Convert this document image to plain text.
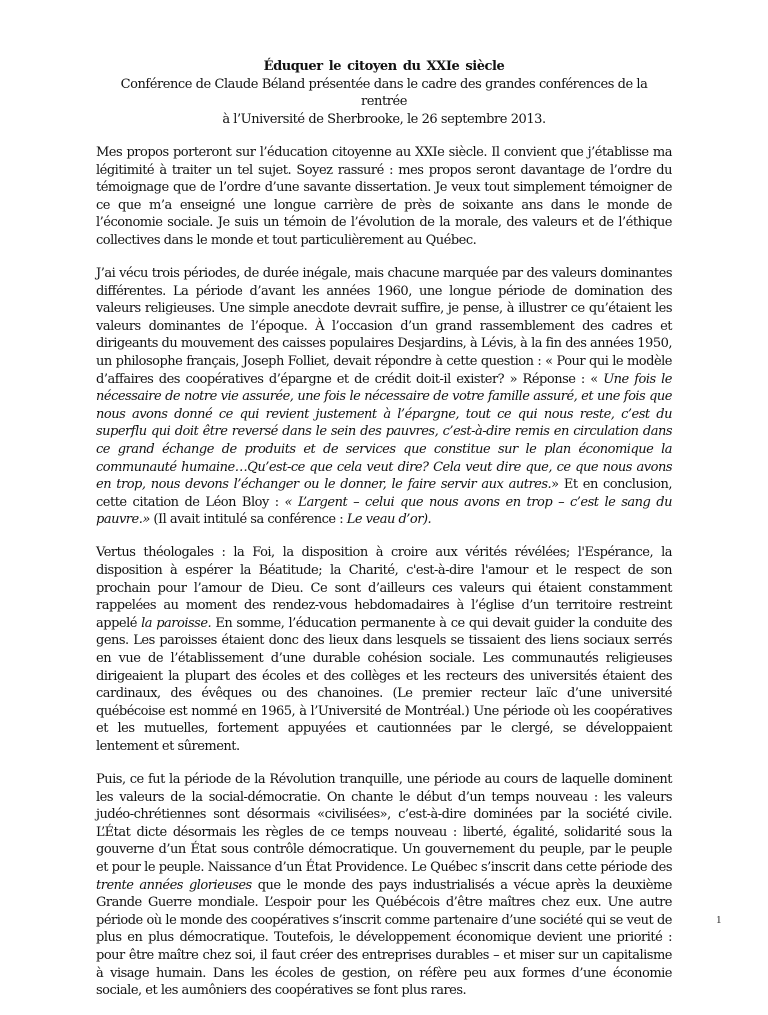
Éduquer le citoyen du XXIe siècle
Conférence de Claude Béland présentée dans le cadre des grandes conférences de la rentrée
à l’Université de Sherbrooke, le 26 septembre 2013.

Mes propos porteront sur l’éducation citoyenne au XXIe siècle. Il convient que j’établisse ma légitimité à traiter un tel sujet. Soyez rassuré : mes propos seront davantage de l’ordre du témoignage que de l’ordre d’une savante dissertation. Je veux tout simplement témoigner de ce que m’a enseigné une longue carrière de près de soixante ans dans le monde de l’économie sociale. Je suis un témoin de l’évolution de la morale, des valeurs et de l’éthique collectives dans le monde et tout particulièrement au Québec.

J’ai vécu trois périodes, de durée inégale, mais chacune marquée par des valeurs dominantes différentes. La période d’avant les années 1960, une longue période de domination des valeurs religieuses. Une simple anecdote devrait suffire, je pense, à illustrer ce qu’étaient les valeurs dominantes de l’époque. À l’occasion d’un grand rassemblement des cadres et dirigeants du mouvement des caisses populaires Desjardins, à Lévis, à la fin des années 1950, un philosophe français, Joseph Folliet, devait répondre à cette question : « Pour qui le modèle d’affaires des coopératives d’épargne et de crédit doit-il exister? » Réponse : « Une fois le nécessaire de notre vie assurée, une fois le nécessaire de votre famille assuré, et une fois que nous avons donné ce qui revient justement à l’épargne, tout ce qui nous reste, c’est du superflu qui doit être reversé dans le sein des pauvres, c’est-à-dire remis en circulation dans ce grand échange de produits et de services que constitue sur le plan économique la communauté humaine…Qu’est-ce que cela veut dire? Cela veut dire que, ce que nous avons en trop, nous devons l’échanger ou le donner, le faire servir aux autres.» Et en conclusion, cette citation de Léon Bloy : « L’argent – celui que nous avons en trop – c’est le sang du pauvre.» (Il avait intitulé sa conférence : Le veau d’or).

Vertus théologales : la Foi, la disposition à croire aux vérités révélées; l'Espérance, la disposition à espérer la Béatitude; la Charité, c'est-à-dire l'amour et le respect de son prochain pour l’amour de Dieu. Ce sont d’ailleurs ces valeurs qui étaient constamment rappelées au moment des rendez-vous hebdomadaires à l’église d’un territoire restreint appelé la paroisse. En somme, l’éducation permanente à ce qui devait guider la conduite des gens. Les paroisses étaient donc des lieux dans lesquels se tissaient des liens sociaux serrés en vue de l’établissement d’une durable cohésion sociale. Les communautés religieuses dirigeaient la plupart des écoles et des collèges et les recteurs des universités étaient des cardinaux, des évêques ou des chanoines. (Le premier recteur laïc d’une université québécoise est nommé en 1965, à l’Université de Montréal.) Une période où les coopératives et les mutuelles, fortement appuyées et cautionnées par le clergé, se développaient lentement et sûrement.

Puis, ce fut la période de la Révolution tranquille, une période au cours de laquelle dominent les valeurs de la social-démocratie. On chante le début d’un temps nouveau : les valeurs judéo-chrétiennes sont désormais «civilisées», c’est-à-dire dominées par la société civile. L’État dicte désormais les règles de ce temps nouveau : liberté, égalité, solidarité sous la gouverne d’un État sous contrôle démocratique. Un gouvernement du peuple, par le peuple et pour le peuple. Naissance d’un État Providence. Le Québec s’inscrit dans cette période des trente années glorieuses que le monde des pays industrialisés a vécue après la deuxième Grande Guerre mondiale. L’espoir pour les Québécois d’être maîtres chez eux. Une autre période où le monde des coopératives s’inscrit comme partenaire d’une société qui se veut de plus en plus démocratique. Toutefois, le développement économique devient une priorité : pour être maître chez soi, il faut créer des entreprises durables – et miser sur un capitalisme à visage humain. Dans les écoles de gestion, on réfère peu aux formes d’une économie sociale, et les aumôniers des coopératives se font plus rares.

1
